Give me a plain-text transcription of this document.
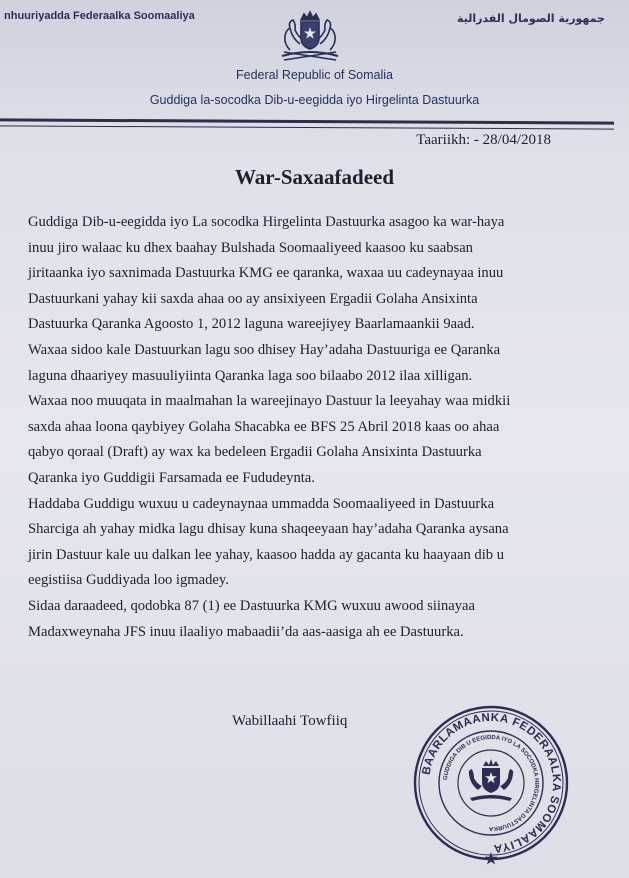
nhuuriyadda Federaalka Soomaaliya	جمهورية الصومال الفدرالية
Federal Republic of Somalia
Guddiga la-socodka Dib-u-eegidda iyo Hirgelinta Dastuurka
Taariikh: - 28/04/2018
War-Saxaafadeed
Guddiga Dib-u-eegidda iyo La socodka Hirgelinta Dastuurka asagoo ka war-haya
inuu jiro walaac ku dhex baahay Bulshada Soomaaliyeed kaasoo ku saabsan
jiritaanka iyo saxnimada Dastuurka KMG ee qaranka, waxaa uu cadeynayaa inuu
Dastuurkani yahay kii saxda ahaa oo ay ansixiyeen Ergadii Golaha Ansixinta
Dastuurka Qaranka Agoosto 1, 2012 laguna wareejiyey Baarlamaankii 9aad.
Waxaa sidoo kale Dastuurkan lagu soo dhisey Hay’adaha Dastuuriga ee Qaranka
laguna dhaariyey masuuliyiinta Qaranka laga soo bilaabo 2012 ilaa xilligan.
Waxaa noo muuqata in maalmahan la wareejinayo Dastuur la leeyahay waa midkii
saxda ahaa loona qaybiyey Golaha Shacabka ee BFS 25 Abril 2018 kaas oo ahaa
qabyo qoraal (Draft) ay wax ka bedeleen Ergadii Golaha Ansixinta Dastuurka
Qaranka iyo Guddigii Farsamada ee Fududeynta.
Haddaba Guddigu wuxuu u cadeynaynaa ummadda Soomaaliyeed in Dastuurka
Sharciga ah yahay midka lagu dhisay kuna shaqeeyaan hay’adaha Qaranka aysana
jirin Dastuur kale uu dalkan lee yahay, kaasoo hadda ay gacanta ku haayaan dib u
eegistiisa Guddiyada loo igmadey.
Sidaa daraadeed, qodobka 87 (1) ee Dastuurka KMG wuxuu awood siinayaa
Madaxweynaha JFS inuu ilaaliyo mabaadii’da aas-aasiga ah ee Dastuurka.
Wabillaahi Towfiiq
BAARLAMAANKA FEDERAALKA SOOMAALIYA
GUDDIGA DIB U EEGIDDA IYO LA SOCODKA HIRGELINTA DASTUURKA
